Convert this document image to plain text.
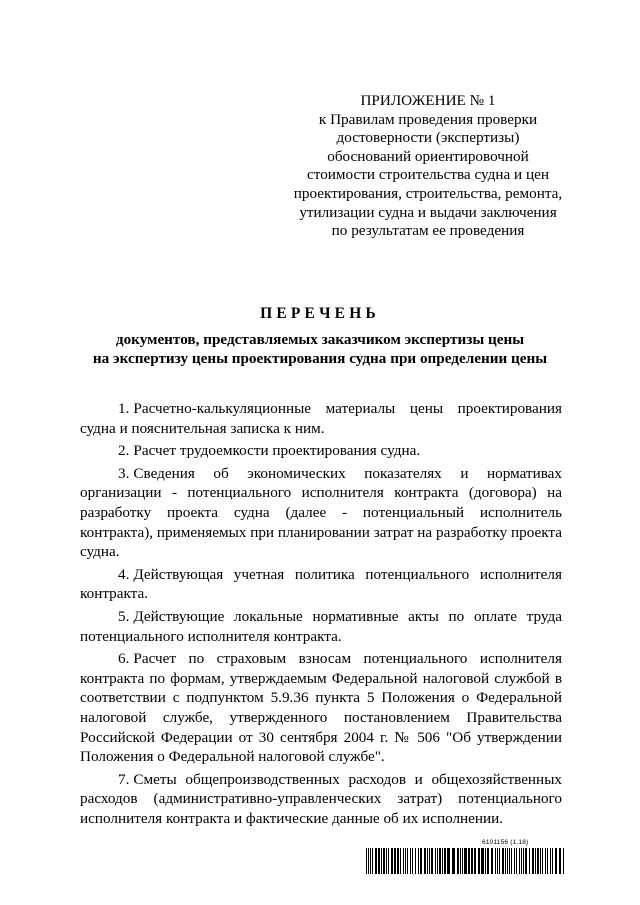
ПРИЛОЖЕНИЕ № 1
к Правилам проведения проверки
достоверности (экспертизы)
обоснований ориентировочной
стоимости строительства судна и цен
проектирования, строительства, ремонта,
утилизации судна и выдачи заключения
по результатам ее проведения
ПЕРЕЧЕНЬ
документов, представляемых заказчиком экспертизы цены
на экспертизу цены проектирования судна при определении цены

1. Расчетно-калькуляционные материалы цены проектирования судна и пояснительная записка к ним.

2. Расчет трудоемкости проектирования судна.

3. Сведения об экономических показателях и нормативах организации - потенциального исполнителя контракта (договора) на разработку проекта судна (далее - потенциальный исполнитель контракта), применяемых при планировании затрат на разработку проекта судна.

4. Действующая учетная политика потенциального исполнителя контракта.

5. Действующие локальные нормативные акты по оплате труда потенциального исполнителя контракта.

6. Расчет по страховым взносам потенциального исполнителя контракта по формам, утверждаемым Федеральной налоговой службой в соответствии с подпунктом 5.9.36 пункта 5 Положения о Федеральной налоговой службе, утвержденного постановлением Правительства Российской Федерации от 30 сентября 2004 г. № 506 "Об утверждении Положения о Федеральной налоговой службе".

7. Сметы общепроизводственных расходов и общехозяйственных расходов (административно-управленческих затрат) потенциального исполнителя контракта и фактические данные об их исполнении.

6101156 (1.18)
